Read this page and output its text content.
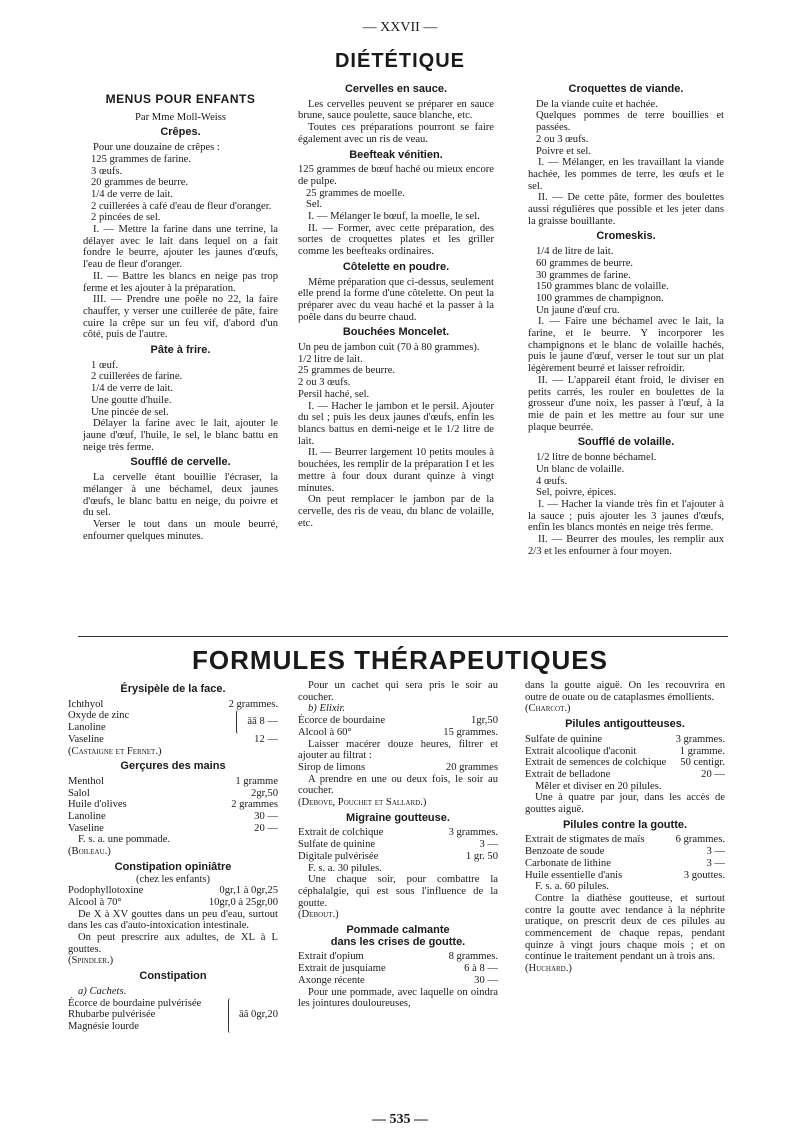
— XXVII —
DIÉTÉTIQUE
MENUS POUR ENFANTS
Par Mme Moll-Weiss
Crêpes.

Pour une douzaine de crêpes :

125 grammes de farine.

3 œufs.

20 grammes de beurre.

1/4 de verre de lait.

2 cuillerées à café d'eau de fleur d'oranger.

2 pincées de sel.

I. — Mettre la farine dans une terrine, la délayer avec le lait dans lequel on a fait fondre le beurre, ajouter les jaunes d'œufs, l'eau de fleur d'oranger.

II. — Battre les blancs en neige pas trop ferme et les ajouter à la préparation.

III. — Prendre une poêle no 22, la faire chauffer, y verser une cuillerée de pâte, faire cuire la crêpe sur un feu vif, d'abord d'un côté, puis de l'autre.

Pâte à frire.

1 œuf.

2 cuillerées de farine.

1/4 de verre de lait.

Une goutte d'huile.

Une pincée de sel.

Délayer la farine avec le lait, ajouter le jaune d'œuf, l'huile, le sel, le blanc battu en neige très ferme.

Soufflé de cervelle.

La cervelle étant bouillie l'écraser, la mélanger à une béchamel, deux jaunes d'œufs, le blanc battu en neige, du poivre et du sel.

Verser le tout dans un moule beurré, enfourner quelques minutes.

Cervelles en sauce.

Les cervelles peuvent se préparer en sauce brune, sauce poulette, sauce blanche, etc.

Toutes ces préparations pourront se faire également avec un ris de veau.

Beefteak vénitien.

125 grammes de bœuf haché ou mieux encore de pulpe.

25 grammes de moelle.

Sel.

I. — Mélanger le bœuf, la moelle, le sel.

II. — Former, avec cette préparation, des sortes de croquettes plates et les griller comme les beefteaks ordinaires.

Côtelette en poudre.

Même préparation que ci-dessus, seulement elle prend la forme d'une côtelette. On peut la préparer avec du veau haché et la passer à la poêle dans du beurre chaud.

Bouchées Moncelet.

Un peu de jambon cuit (70 à 80 grammes).

1/2 litre de lait.

25 grammes de beurre.

2 ou 3 œufs.

Persil haché, sel.

I. — Hacher le jambon et le persil. Ajouter du sel ; puis les deux jaunes d'œufs, enfin les blancs battus en demi-neige et le 1/2 litre de lait.

II. — Beurrer largement 10 petits moules à bouchées, les remplir de la préparation I et les mettre à four doux durant quinze à vingt minutes.

On peut remplacer le jambon par de la cervelle, des ris de veau, du blanc de volaille, etc.

Croquettes de viande.

De la viande cuite et hachée.

Quelques pommes de terre bouillies et passées.

2 ou 3 œufs.

Poivre et sel.

I. — Mélanger, en les travaillant la viande hachée, les pommes de terre, les œufs et le sel.

II. — De cette pâte, former des boulettes aussi régulières que possible et les jeter dans la graisse bouillante.

Cromeskis.

1/4 de litre de lait.

60 grammes de beurre.

30 grammes de farine.

150 grammes blanc de volaille.

100 grammes de champignon.

Un jaune d'œuf cru.

I. — Faire une béchamel avec le lait, la farine, et le beurre. Y incorporer les champignons et le blanc de volaille hachés, puis le jaune d'œuf, verser le tout sur un plat légèrement beurré et laisser refroidir.

II. — L'appareil étant froid, le diviser en petits carrés, les rouler en boulettes de la grosseur d'une noix, les passer à l'œuf, à la mie de pain et les mettre au four sur une plaque beurrée.

Soufflé de volaille.

1/2 litre de bonne béchamel.

Un blanc de volaille.

4 œufs.

Sel, poivre, épices.

I. — Hacher la viande très fin et l'ajouter à la sauce ; puis ajouter les 3 jaunes d'œufs, enfin les blancs montés en neige très ferme.

II. — Beurrer des moules, les remplir aux 2/3 et les enfourner à four moyen.

FORMULES THÉRAPEUTIQUES
Érysipèle de la face.
Ichthyol	2 grammes.
Oxyde de zinc
Lanoline
āā 8 —
Vaseline	12 —

(Castaigne et Fernet.)

Gerçures des mains
Menthol	1 gramme
Salol	2gr,50
Huile d'olives	2 grammes
Lanoline	30 —
Vaseline	20 —

F. s. a. une pommade.

(Boileau.)

Constipation opiniâtre

(chez les enfants)

Podophyllotoxine	0gr,1 à 0gr,25
Alcool à 70°	10gr,0 à 25gr,00

De X à XV gouttes dans un peu d'eau, surtout dans les cas d'auto-intoxication intestinale.

On peut prescrire aux adultes, de XL à L gouttes.

(Spindler.)

Constipation

a) Cachets.

Écorce de bourdaine pulvérisée
Rhubarbe pulvérisée
Magnésie lourde
āā 0gr,20

Pour un cachet qui sera pris le soir au coucher.

b) Elixir.

Écorce de bourdaine	1gr,50
Alcool à 60°	15 grammes.

Laisser macérer douze heures, filtrer et ajouter au filtrat :

Sirop de limons	20 grammes

A prendre en une ou deux fois, le soir au coucher.

(Debove, Pouchet et Sallard.)

Migraine goutteuse.
Extrait de colchique	3 grammes.
Sulfate de quinine	3 —
Digitale pulvérisée	1 gr. 50

F. s. a. 30 pilules.

Une chaque soir, pour combattre la céphalalgie, qui est sous l'influence de la goutte.

(Debout.)

Pommade calmante
dans les crises de goutte.
Extrait d'opium	8 grammes.
Extrait de jusquiame	6 à 8 —
Axonge récente	30 —

Pour une pommade, avec laquelle on oindra les jointures douloureuses,

dans la goutte aiguë. On les recouvrira en outre de ouate ou de cataplasmes émollients.

(Charcot.)

Pilules antigoutteuses.
Sulfate de quinine	3 grammes.
Extrait alcoolique d'aconit	1 gramme.
Extrait de semences de colchique 50 centigr.
Extrait de belladone	20 —

Mêler et diviser en 20 pilules.

Une à quatre par jour, dans les accès de gouttes aiguë.

Pilules contre la goutte.
Extrait de stigmates de maïs	6 grammes.
Benzoate de soude	3 —
Carbonate de lithine	3 —
Huile essentielle d'anis	3 gouttes.

F. s. a. 60 pilules.

Contre la diathèse goutteuse, et surtout contre la goutte avec tendance à la néphrite uratique, on prescrit deux de ces pilules au commencement de chaque repas, pendant quinze à vingt jours chaque mois ; et on continue le traitement pendant un à trois ans.

(Huchard.)

— 535 —
